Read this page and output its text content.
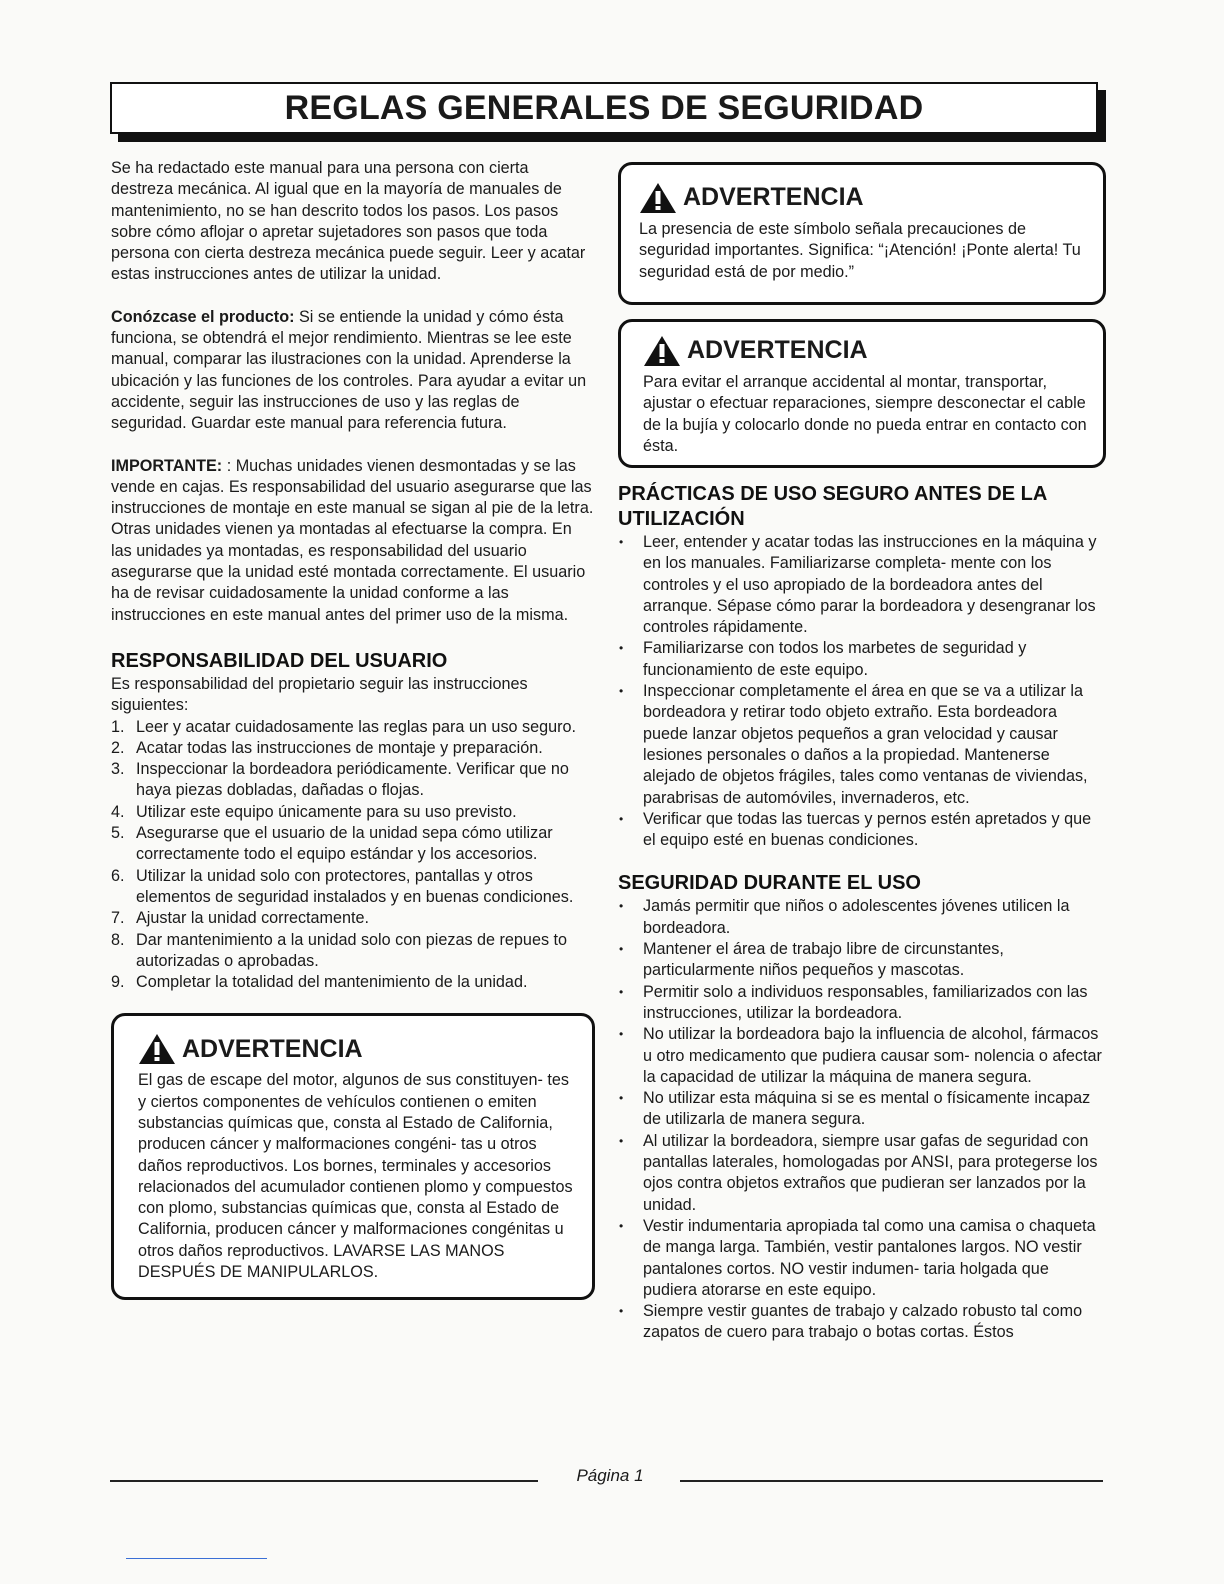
REGLAS GENERALES DE SEGURIDAD

Se ha redactado este manual para una persona con cierta destreza mecánica. Al igual que en la mayoría de manuales de mantenimiento, no se han descrito todos los pasos. Los pasos sobre cómo aflojar o apretar sujetadores son pasos que toda persona con cierta destreza mecánica puede seguir. Leer y acatar estas instrucciones antes de utilizar la unidad.

Conózcase el producto: Si se entiende la unidad y cómo ésta funciona, se obtendrá el mejor rendimiento. Mientras se lee este manual, comparar las ilustraciones con la unidad. Aprenderse la ubicación y las funciones de los controles. Para ayudar a evitar un accidente, seguir las instrucciones de uso y las reglas de seguridad. Guardar este manual para referencia futura.

IMPORTANTE: : Muchas unidades vienen desmontadas y se las vende en cajas. Es responsabilidad del usuario asegurarse que las instrucciones de montaje en este manual se sigan al pie de la letra. Otras unidades vienen ya montadas al efectuarse la compra. En las unidades ya montadas, es responsabilidad del usuario asegurarse que la unidad esté montada correctamente. El usuario ha de revisar cuidadosamente la unidad conforme a las instrucciones en este manual antes del primer uso de la misma.

RESPONSABILIDAD DEL USUARIO
Es responsabilidad del propietario seguir las instrucciones siguientes:
1. Leer y acatar cuidadosamente las reglas para un uso seguro.
2. Acatar todas las instrucciones de montaje y preparación.
3. Inspeccionar la bordeadora periódicamente. Verificar que no haya piezas dobladas, dañadas o flojas.
4. Utilizar este equipo únicamente para su uso previsto.
5. Asegurarse que el usuario de la unidad sepa cómo utilizar correctamente todo el equipo estándar y los accesorios.
6. Utilizar la unidad solo con protectores, pantallas y otros elementos de seguridad instalados y en buenas condiciones.
7. Ajustar la unidad correctamente.
8. Dar mantenimiento a la unidad solo con piezas de repues to autorizadas o aprobadas.
9. Completar la totalidad del mantenimiento de la unidad.
ADVERTENCIA
El gas de escape del motor, algunos de sus constituyen- tes y ciertos componentes de vehículos contienen o emiten substancias químicas que, consta al Estado de California, producen cáncer y malformaciones congéni- tas u otros daños reproductivos. Los bornes, terminales y accesorios relacionados del acumulador contienen plomo y compuestos con plomo, substancias químicas que, consta al Estado de California, producen cáncer y malformaciones congénitas u otros daños reproductivos. LAVARSE LAS MANOS DESPUÉS DE MANIPULARLOS.
ADVERTENCIA
La presencia de este símbolo señala precauciones de seguridad importantes. Significa: “¡Atención! ¡Ponte alerta! Tu seguridad está de por medio.”
ADVERTENCIA
Para evitar el arranque accidental al montar, transportar, ajustar o efectuar reparaciones, siempre desconectar el cable de la bujía y colocarlo donde no pueda entrar en contacto con ésta.
PRÁCTICAS DE USO SEGURO ANTES DE LA UTILIZACIÓN
• Leer, entender y acatar todas las instrucciones en la máquina y en los manuales. Familiarizarse completa- mente con los controles y el uso apropiado de la bordeadora antes del arranque. Sépase cómo parar la bordeadora y desengranar los controles rápidamente.
• Familiarizarse con todos los marbetes de seguridad y funcionamiento de este equipo.
• Inspeccionar completamente el área en que se va a utilizar la bordeadora y retirar todo objeto extraño. Esta bordeadora puede lanzar objetos pequeños a gran velocidad y causar lesiones personales o daños a la propiedad. Mantenerse alejado de objetos frágiles, tales como ventanas de viviendas, parabrisas de automóviles, invernaderos, etc.
• Verificar que todas las tuercas y pernos estén apretados y que el equipo esté en buenas condiciones.
SEGURIDAD DURANTE EL USO
• Jamás permitir que niños o adolescentes jóvenes utilicen la bordeadora.
• Mantener el área de trabajo libre de circunstantes, particularmente niños pequeños y mascotas.
• Permitir solo a individuos responsables, familiarizados con las instrucciones, utilizar la bordeadora.
• No utilizar la bordeadora bajo la influencia de alcohol, fármacos u otro medicamento que pudiera causar som- nolencia o afectar la capacidad de utilizar la máquina de manera segura.
• No utilizar esta máquina si se es mental o físicamente incapaz de utilizarla de manera segura.
• Al utilizar la bordeadora, siempre usar gafas de seguridad con pantallas laterales, homologadas por ANSI, para protegerse los ojos contra objetos extraños que pudieran ser lanzados por la unidad.
• Vestir indumentaria apropiada tal como una camisa o chaqueta de manga larga. También, vestir pantalones largos. NO vestir pantalones cortos. NO vestir indumen- taria holgada que pudiera atorarse en este equipo.
• Siempre vestir guantes de trabajo y calzado robusto tal como zapatos de cuero para trabajo o botas cortas. Éstos
Página 1
